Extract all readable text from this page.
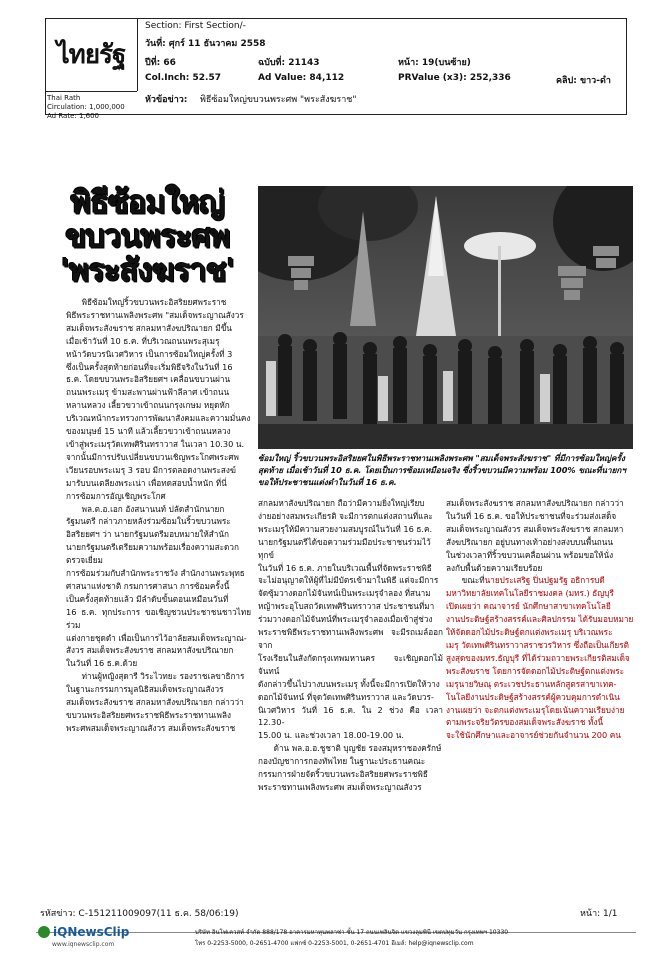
ไทยรัฐ
Thai Rath
Circulation: 1,000,000
Ad Rate: 1,600
Section: First Section/-
วันที่: ศุกร์ 11 ธันวาคม 2558
ปีที่: 66	ฉบับที่: 21143	หน้า: 19(บนซ้าย)
Col.Inch: 52.57	Ad Value: 84,112	PRValue (x3): 252,336	คลิป: ขาว-ดำ
หัวข้อข่าว: พิธีซ้อมใหญ่ขบวนพระศพ "พระสังฆราช"
พิธีซ้อมใหญ่
ขบวนพระศพ
'พระสังฆราช'
ซ้อมใหญ่ ริ้วขบวนพระอิสริยยศในพิธีพระราชทานเพลิงพระศพ "สมเด็จพระสังฆราช" ที่มีการซ้อมใหญ่ครั้งสุดท้าย เมื่อเช้าวันที่ 10 ธ.ค. โดยเป็นการซ้อมเหมือนจริง ซึ่งริ้วขบวนมีความพร้อม 100% ขณะที่นายกฯขอให้ประชาชนแต่งดำในวันที่ 16 ธ.ค.
พิธีซ้อมใหญ่ริ้วขบวนพระอิสริยยศพระราช
พิธีพระราชทานเพลิงพระศพ "สมเด็จพระญาณสังวร
สมเด็จพระสังฆราช สกลมหาสังฆปริณายก มีขึ้น
เมื่อเช้าวันที่ 10 ธ.ค. ที่บริเวณถนนพระสุเมรุ
หน้าวัดบวรนิเวศวิหาร เป็นการซ้อมใหญ่ครั้งที่ 3
ซึ่งเป็นครั้งสุดท้ายก่อนที่จะเริ่มพิธีจริงในวันที่ 16
ธ.ค. โดยขบวนพระอิสริยยศฯ เคลื่อนขบวนผ่าน
ถนนพระเมรุ ข้ามสะพานผ่านฟ้าลีลาศ เข้าถนน
หลานหลวง เลี้ยวขวาเข้าถนนกรุงเกษม หยุดหัก
บริเวณหน้ากระทรวงการพัฒนาสังคมและความมั่นคง
ของมนุษย์ 15 นาที แล้วเลี้ยวขวาเข้าถนนหลวง
เข้าสู่พระเมรุวัดเทพศิรินทราวาส ในเวลา 10.30 น.
จากนั้นมีการปรับเปลี่ยนขบวนเชิญพระโกศพระศพ
เวียนรอบพระเมรุ 3 รอบ มีการตลอดงานพระสงฆ์
มารับบนเตลียงพระเน่า เพื่อทดสอบน้ำหนัก ที่นี่
การซ้อมการอัญเชิญพระโกศ
พล.ต.อ.เอก อังสนานนท์ ปลัดสำนักนายก
รัฐมนตรี กล่าวภายหลังร่วมซ้อมในริ้วขบวนพระ
อิสริยยศฯ ว่า นายกรัฐมนตรีมอบหมายให้สำนัก
นายกรัฐมนตรีเตรียมความพร้อมเรื่องความสะดวก ตรวจเยี่ยม
การซ้อมร่วมกับสำนักพระราชวัง สำนักงานพระพุทธ
ศาสนาแห่งชาติ กรมการศาสนา การซ้อมครั้งนี้
เป็นครั้งสุดท้ายแล้ว มีลำดับขั้นตอนเหมือนวันที่
16 ธ.ค. ทุกประการ ขอเชิญชวนประชาชนชาวไทยร่วม
แต่งกายชุดดำ เพื่อเป็นการไว้อาลัยสมเด็จพระญาณ-
สังวร สมเด็จพระสังฆราช สกลมหาสังฆปริณายก
ในวันที่ 16 ธ.ค.ด้วย
ท่านผู้หญิงสุดารี วิระไวทยะ รองราชเลขาธิการ
ในฐานะกรรมการมูลนิธิสมเด็จพระญาณสังวร
สมเด็จพระสังฆราช สกลมหาสังฆปริณายก กล่าวว่า
ขบวนพระอิสริยยศพระราชพิธีพระราชทานเพลิง
พระศพสมเด็จพระญาณสังวร สมเด็จพระสังฆราช
สกลมหาสังฆปริณายก ถือว่ามีความยิ่งใหญ่เรียบ
ง่ายอย่างสมพระเกียรติ จะมีการตกแต่งสถานที่และ
พระเมรุให้มีความสวยงามสมบูรณ์ในวันที่ 16 ธ.ค.
นายกรัฐมนตรีได้ขอความร่วมมือประชาชนร่วมไว้ทุกข์
ในวันที่ 16 ธ.ค. ภายในบริเวณพื้นที่จัดพระราชพิธี
จะไม่อนุญาตให้ผู้ที่ไม่มีบัตรเข้ามาในพิธี แต่จะมีการ
จัดซุ้มวางดอกไม้จันทน์เป็นพระเมรุจำลอง ที่สนาม
หญ้าพระอุโบสถวัดเทพศิรินทราวาส ประชาชนที่มา
ร่วมวางดอกไม้จันทน์ที่พระเมรุจำลองเมื่อเข้าสู่ช่วง
พระราชพิธีพระราชทานเพลิงพระศพ จะมีรถเมล์ออกจาก
โรงเรียนในสังกัดกรุงเทพมหานคร จะเชิญดอกไม้จันทน์
ดังกล่าวขึ้นไปวางบนพระเมรุ ทั้งนี้จะมีการเปิดให้วาง
ดอกไม้จันทน์ ที่จุดวัดเทพศิรินทราวาส และวัดบวร-
นิเวศวิหาร วันที่ 16 ธ.ค. ใน 2 ช่วง คือ เวลา 12.30-
15.00 น. และช่วงเวลา 18.00-19.00 น.
ด้าน พล.อ.อ.ชูชาติ บุญชัย รองสมุหราชองครักษ์
กองบัญชาการกองทัพไทย ในฐานะประธานคณะ
กรรมการฝ่ายจัดริ้วขบวนพระอิสริยยศพระราชพิธี
พระราชทานเพลิงพระศพ สมเด็จพระญาณสังวร
สมเด็จพระสังฆราช สกลมหาสังฆปริณายก กล่าวว่า
ในวันที่ 16 ธ.ค. ขอให้ประชาชนที่จะร่วมส่งเสด็จ
สมเด็จพระญาณสังวร สมเด็จพระสังฆราช สกลมหา
สังฆปริณายก อยู่บนทางเท้าอย่างสงบบนพื้นถนน
ในช่วงเวลาที่ริ้วขบวนเคลื่อนผ่าน พร้อมขอให้นั่ง
ลงกับพื้นด้วยความเรียบร้อย
ขณะที่นายประเสริฐ ปิ่นปฐมรัฐ อธิการบดี
มหาวิทยาลัยเทคโนโลยีราชมงคล (มทร.) ธัญบุรี
เปิดเผยว่า คณาจารย์ นักศึกษาสาขาเทคโนโลยี
งานประดิษฐ์สร้างสรรค์และศิลปกรรม ได้รับมอบหมาย
ให้จัดดอกไม้ประดิษฐ์ตกแต่งพระเมรุ บริเวณพระ
เมรุ วัดเทพศิรินทราวาสราชวรวิหาร ซึ่งถือเป็นเกียรติ
สูงสุดของมทร.ธัญบุรี ที่ได้ร่วมถวายพระเกียรติสมเด็จ
พระสังฆราช โดยการจัดดอกไม้ประดิษฐ์ตกแต่งพระ
เมรุนายวิษณุ ตระเวชประธานหลักสูตรสาขาเทค-
โนโลยีงานประดิษฐ์สร้างสรรค์ผู้ควบคุมการดำเนิน
งานเผยว่า จะตกแต่งพระเมรุโดยเน้นความเรียบง่าย
ตามพระจริยวัตรของสมเด็จพระสังฆราช ทั้งนี้
จะใช้นักศึกษาและอาจารย์ช่วยกันจำนวน 200 คน
รหัสข่าว: C-151211009097(11 ธ.ค. 58/06:19)	หน้า: 1/1
iQNewsClip
www.iqnewsclip.com
บริษัท อินโฟเควสท์ จำกัด 888/178 อาคารมหาทุนพลาซ่า ชั้น 17 ถนนเพลินจิต แขวงลุมพินี เขตปทุมวัน กรุงเทพฯ 10330
โทร 0-2253-5000, 0-2651-4700 แฟกซ์ 0-2253-5001, 0-2651-4701 อีเมล์: help@iqnewsclip.com
